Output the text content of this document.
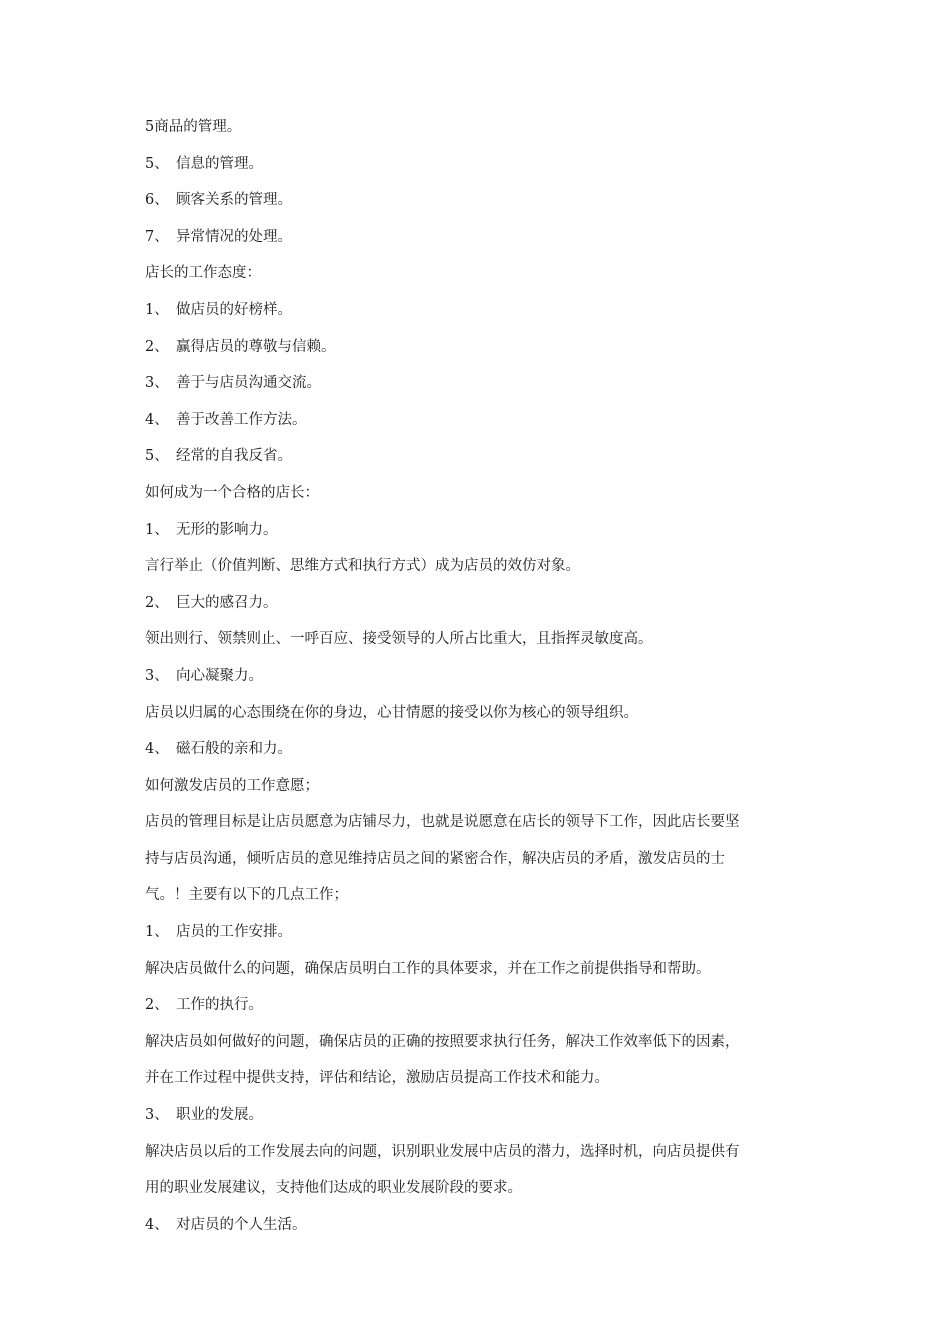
5商品的管理。
5、 信息的管理。
6、 顾客关系的管理。
7、 异常情况的处理。
店长的工作态度：
1、 做店员的好榜样。
2、 赢得店员的尊敬与信赖。
3、 善于与店员沟通交流。
4、 善于改善工作方法。
5、 经常的自我反省。
如何成为一个合格的店长：
1、 无形的影响力。
言行举止（价值判断、思维方式和执行方式）成为店员的效仿对象。
2、 巨大的感召力。
领出则行、领禁则止、一呼百应、接受领导的人所占比重大，且指挥灵敏度高。
3、 向心凝聚力。
店员以归属的心态围绕在你的身边，心甘情愿的接受以你为核心的领导组织。
4、 磁石般的亲和力。
如何激发店员的工作意愿；
店员的管理目标是让店员愿意为店铺尽力，也就是说愿意在店长的领导下工作，因此店长要坚
持与店员沟通，倾听店员的意见维持店员之间的紧密合作，解决店员的矛盾，激发店员的士
气。！主要有以下的几点工作；
1、 店员的工作安排。
解决店员做什么的问题，确保店员明白工作的具体要求，并在工作之前提供指导和帮助。
2、 工作的执行。
解决店员如何做好的问题，确保店员的正确的按照要求执行任务，解决工作效率低下的因素，
并在工作过程中提供支持，评估和结论，激励店员提高工作技术和能力。
3、 职业的发展。
解决店员以后的工作发展去向的问题，识别职业发展中店员的潜力，选择时机，向店员提供有
用的职业发展建议，支持他们达成的职业发展阶段的要求。
4、 对店员的个人生活。
